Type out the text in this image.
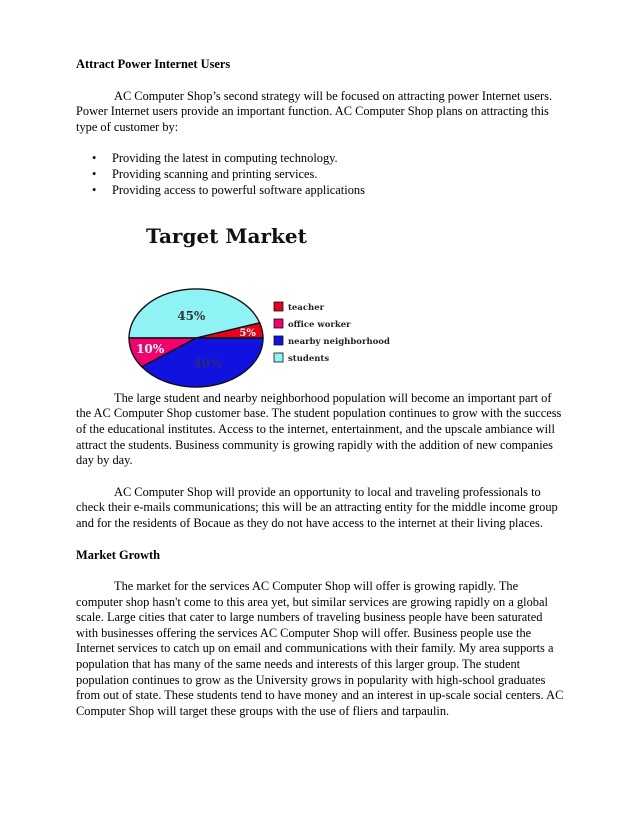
Attract Power Internet Users

AC Computer Shop’s second strategy will be focused on attracting power Internet users. Power Internet users provide an important function. AC Computer Shop plans on attracting this type of customer by:

• Providing the latest in computing technology.
• Providing scanning and printing services.
• Providing access to powerful software applications
Target Market
45%
5%
40%
10%
teacher
office worker
nearby neighborhood
students

The large student and nearby neighborhood population will become an important part of the AC Computer Shop customer base. The student population continues to grow with the success of the educational institutes. Access to the internet, entertainment, and the upscale ambiance will attract the students. Business community is growing rapidly with the addition of new companies day by day.

AC Computer Shop will provide an opportunity to local and traveling professionals to check their e-mails communications; this will be an attracting entity for the middle income group and for the residents of Bocaue as they do not have access to the internet at their living places.

Market Growth

The market for the services AC Computer Shop will offer is growing rapidly. The computer shop hasn't come to this area yet, but similar services are growing rapidly on a global scale. Large cities that cater to large numbers of traveling business people have been saturated with businesses offering the services AC Computer Shop will offer. Business people use the Internet services to catch up on email and communications with their family. My area supports a population that has many of the same needs and interests of this larger group. The student population continues to grow as the University grows in popularity with high-school graduates from out of state. These students tend to have money and an interest in up-scale social centers. AC Computer Shop will target these groups with the use of fliers and tarpaulin.
